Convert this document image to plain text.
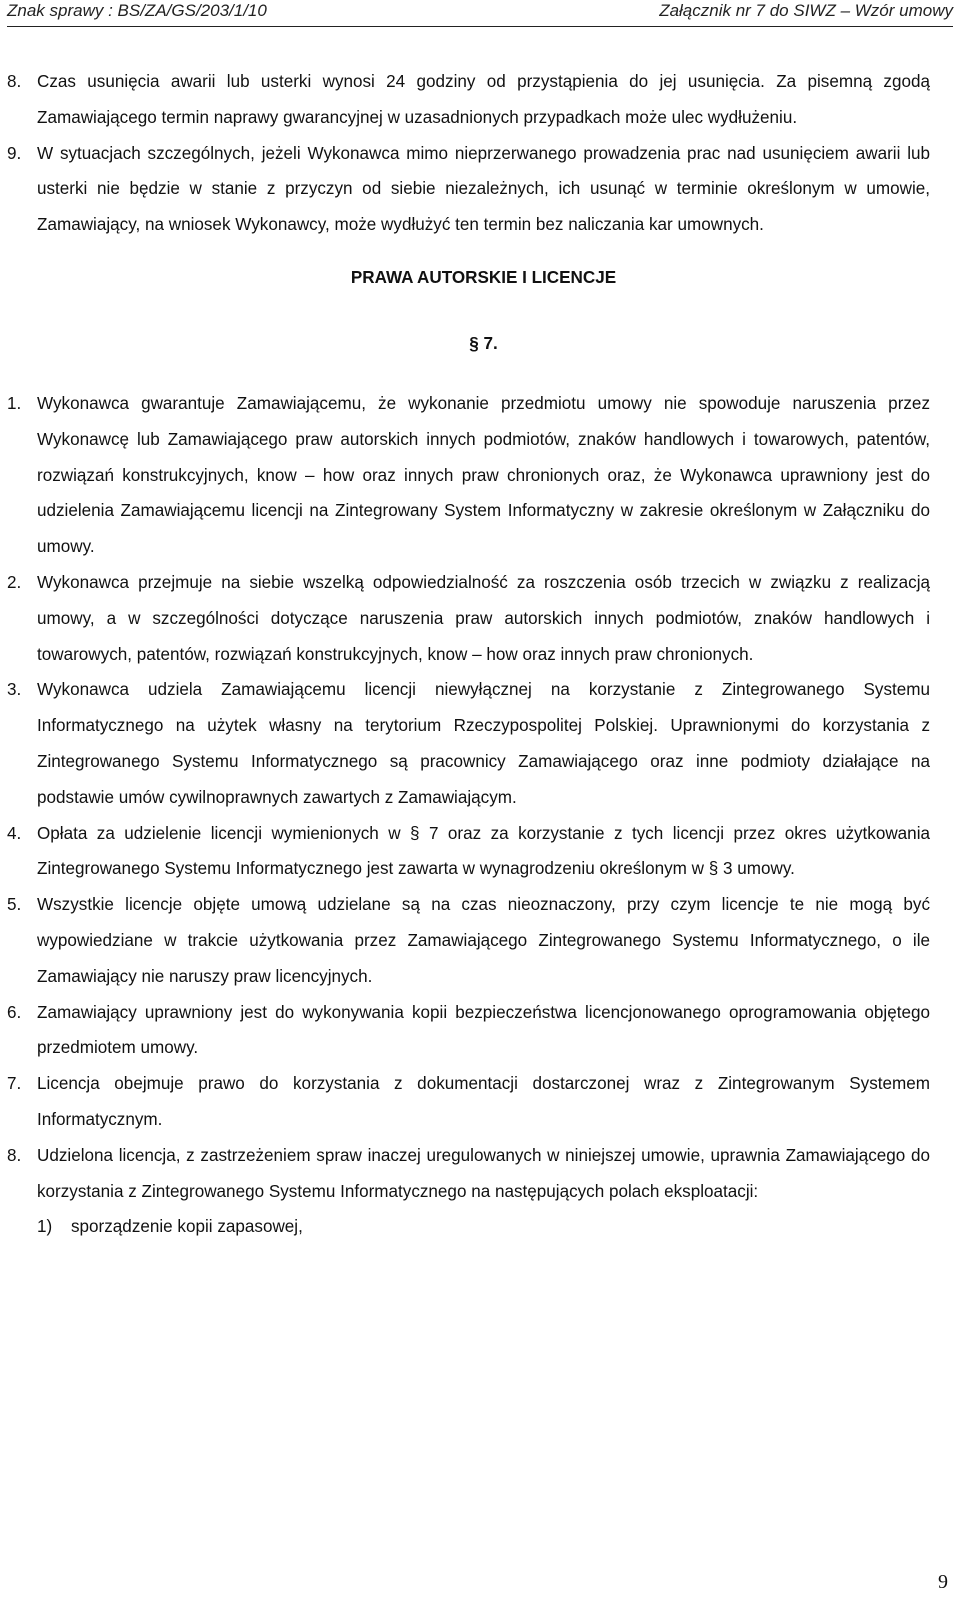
Znak sprawy : BS/ZA/GS/203/1/10	Załącznik nr 7 do SIWZ – Wzór umowy
8. Czas usunięcia awarii lub usterki wynosi 24 godziny od przystąpienia do jej usunięcia. Za pisemną zgodą Zamawiającego termin naprawy gwarancyjnej w uzasadnionych przypadkach może ulec wydłużeniu.
9. W sytuacjach szczególnych, jeżeli Wykonawca mimo nieprzerwanego prowadzenia prac nad usunięciem awarii lub usterki nie będzie w stanie z przyczyn od siebie niezależnych, ich usunąć w terminie określonym w umowie, Zamawiający, na wniosek Wykonawcy, może wydłużyć ten termin bez naliczania kar umownych.

PRAWA AUTORSKIE I LICENCJE

§ 7.

1. Wykonawca gwarantuje Zamawiającemu, że wykonanie przedmiotu umowy nie spowoduje naruszenia przez Wykonawcę lub Zamawiającego praw autorskich innych podmiotów, znaków handlowych i towarowych, patentów, rozwiązań konstrukcyjnych, know – how oraz innych praw chronionych oraz, że Wykonawca uprawniony jest do udzielenia Zamawiającemu licencji na Zintegrowany System Informatyczny w zakresie określonym w Załączniku do umowy.
2. Wykonawca przejmuje na siebie wszelką odpowiedzialność za roszczenia osób trzecich w związku z realizacją umowy, a w szczególności dotyczące naruszenia praw autorskich innych podmiotów, znaków handlowych i towarowych, patentów, rozwiązań konstrukcyjnych, know – how oraz innych praw chronionych.
3. Wykonawca udziela Zamawiającemu licencji niewyłącznej na korzystanie z Zintegrowanego Systemu Informatycznego na użytek własny na terytorium Rzeczypospolitej Polskiej. Uprawnionymi do korzystania z Zintegrowanego Systemu Informatycznego są pracownicy Zamawiającego oraz inne podmioty działające na podstawie umów cywilnoprawnych zawartych z Zamawiającym.
4. Opłata za udzielenie licencji wymienionych w § 7 oraz za korzystanie z tych licencji przez okres użytkowania Zintegrowanego Systemu Informatycznego jest zawarta w wynagrodzeniu określonym w § 3 umowy.
5. Wszystkie licencje objęte umową udzielane są na czas nieoznaczony, przy czym licencje te nie mogą być wypowiedziane w trakcie użytkowania przez Zamawiającego Zintegrowanego Systemu Informatycznego, o ile Zamawiający nie naruszy praw licencyjnych.
6. Zamawiający uprawniony jest do wykonywania kopii bezpieczeństwa licencjonowanego oprogramowania objętego przedmiotem umowy.
7. Licencja obejmuje prawo do korzystania z dokumentacji dostarczonej wraz z Zintegrowanym Systemem Informatycznym.
8. Udzielona licencja, z zastrzeżeniem spraw inaczej uregulowanych w niniejszej umowie, uprawnia Zamawiającego do korzystania z Zintegrowanego Systemu Informatycznego na następujących polach eksploatacji:
1) sporządzenie kopii zapasowej,
9
